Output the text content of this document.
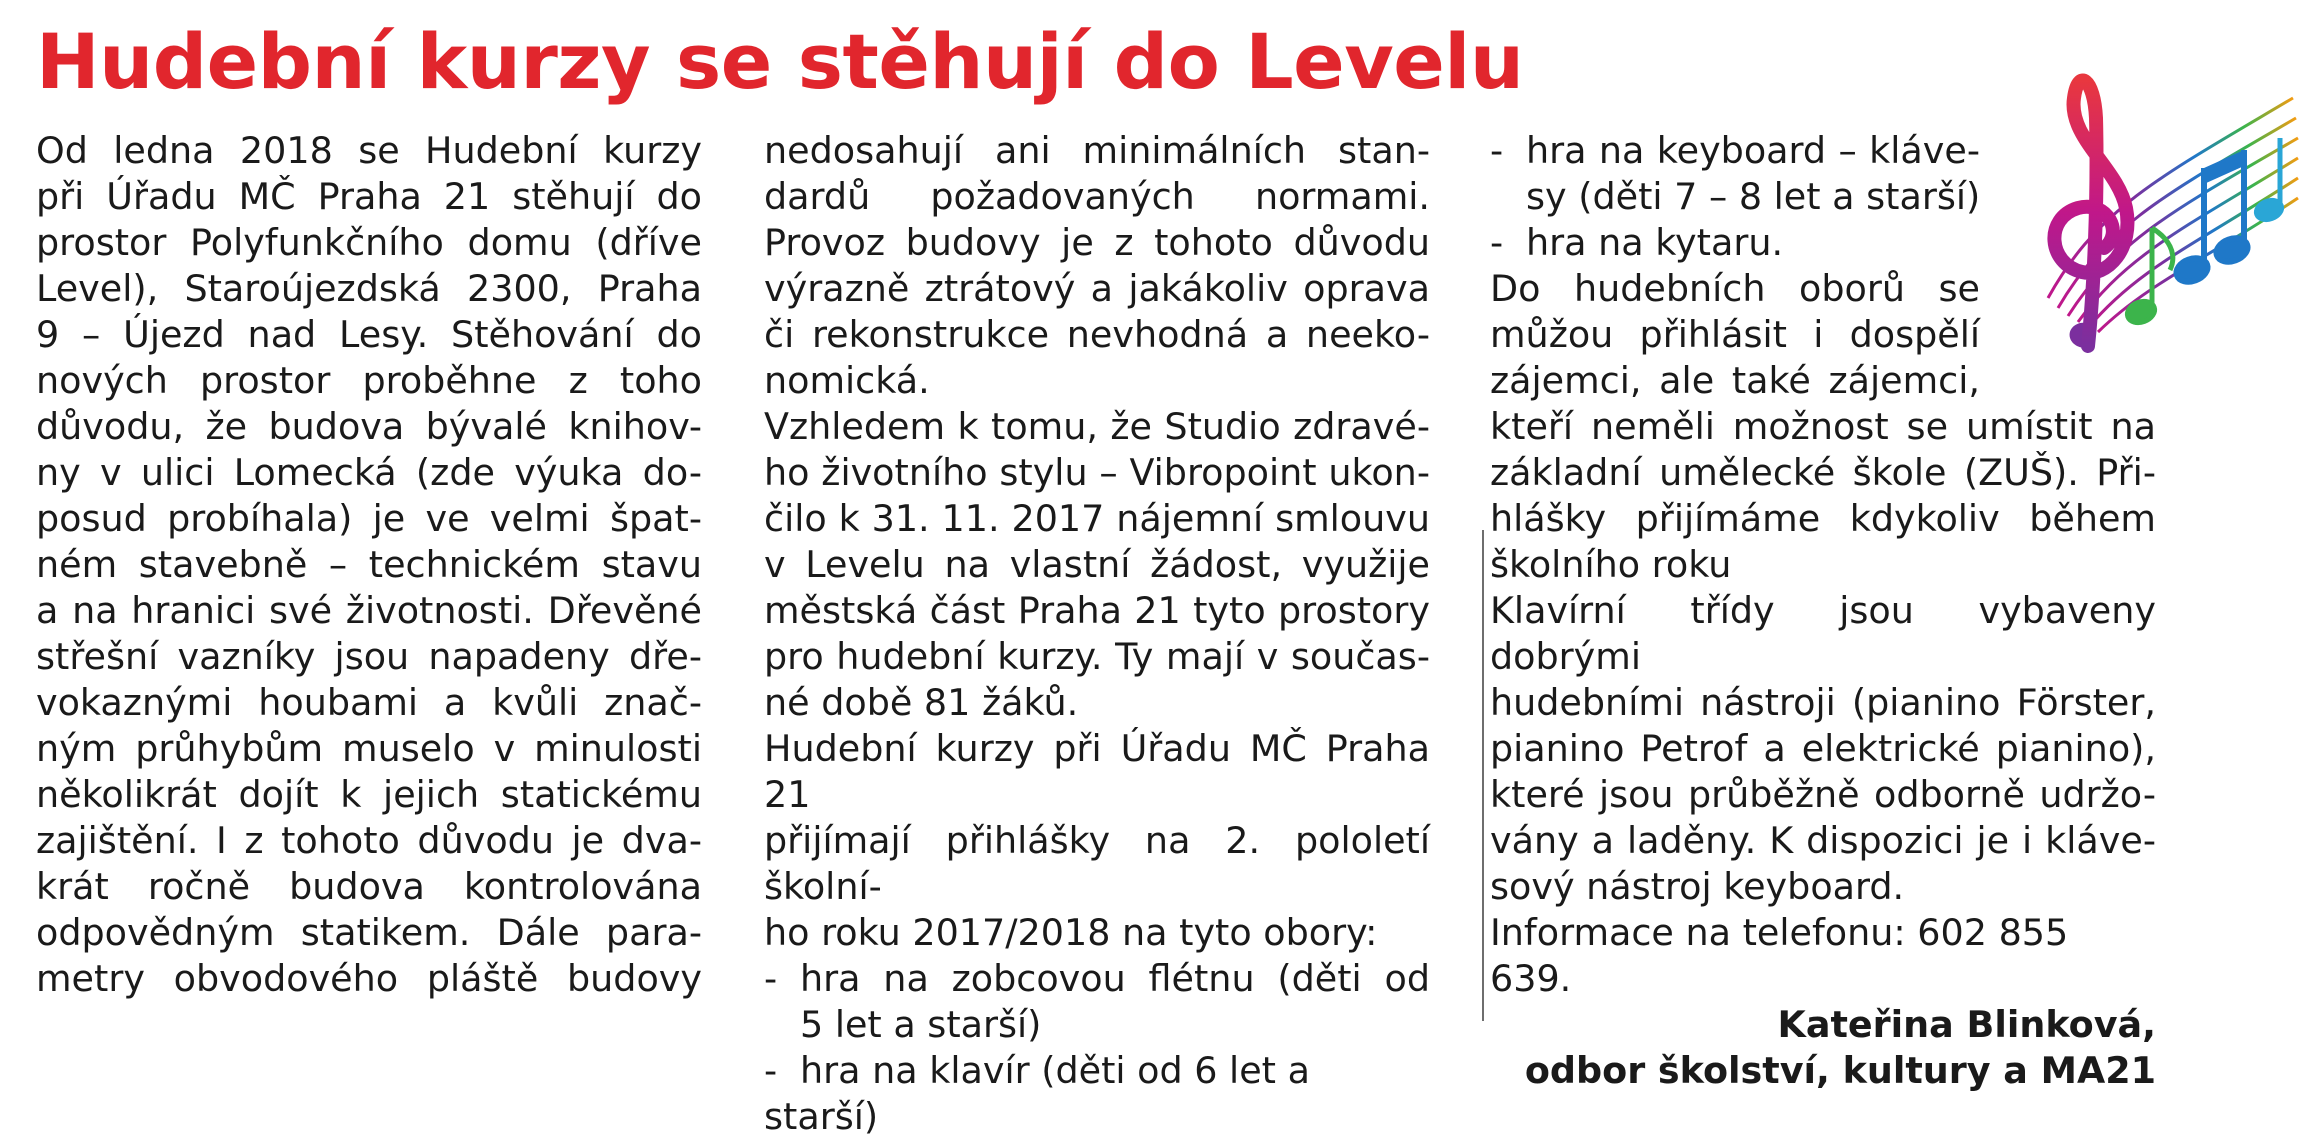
Hudební kurzy se stěhují do Levelu

Od ledna 2018 se Hudební kurzy

při Úřadu MČ Praha 21 stěhují do

prostor Polyfunkčního domu (dříve

Level), Staroújezdská 2300, Praha

9 – Újezd nad Lesy. Stěhování do

nových prostor proběhne z toho

důvodu, že budova bývalé knihov-

ny v ulici Lomecká (zde výuka do-

posud probíhala) je ve velmi špat-

ném stavebně – technickém stavu

a na hranici své životnosti. Dřevěné

střešní vazníky jsou napadeny dře-

vokaznými houbami a kvůli znač-

ným průhybům muselo v minulosti

několikrát dojít k jejich statickému

zajištění. I z tohoto důvodu je dva-

krát ročně budova kontrolována

odpovědným statikem. Dále para-

metry obvodového pláště budovy

nedosahují ani minimálních stan-

dardů požadovaných normami.

Provoz budovy je z tohoto důvodu

výrazně ztrátový a jakákoliv oprava

či rekonstrukce nevhodná a neeko-

nomická.

Vzhledem k tomu, že Studio zdravé-

ho životního stylu – Vibropoint ukon-

čilo k 31. 11. 2017 nájemní smlouvu

v Levelu na vlastní žádost, využije

městská část Praha 21 tyto prostory

pro hudební kurzy. Ty mají v součas-

né době 81 žáků.

Hudební kurzy při Úřadu MČ Praha 21

přijímají přihlášky na 2. pololetí školní-

ho roku 2017/2018 na tyto obory:

- hra na zobcovou flétnu (děti od

5 let a starší)

- hra na klavír (děti od 6 let a starší)

- hra na keyboard – kláve-

sy (děti 7 – 8 let a starší)

- hra na kytaru.

Do hudebních oborů se

můžou přihlásit i dospělí

zájemci, ale také zájemci,

kteří neměli možnost se umístit na

základní umělecké škole (ZUŠ). Při-

hlášky přijímáme kdykoliv během

školního roku

Klavírní třídy jsou vybaveny dobrými

hudebními nástroji (pianino Förster,

pianino Petrof a elektrické pianino),

které jsou průběžně odborně udržo-

vány a laděny. K dispozici je i kláve-

sový nástroj keyboard.

Informace na telefonu: 602 855 639.

Kateřina Blinková,

odbor školství, kultury a MA21
